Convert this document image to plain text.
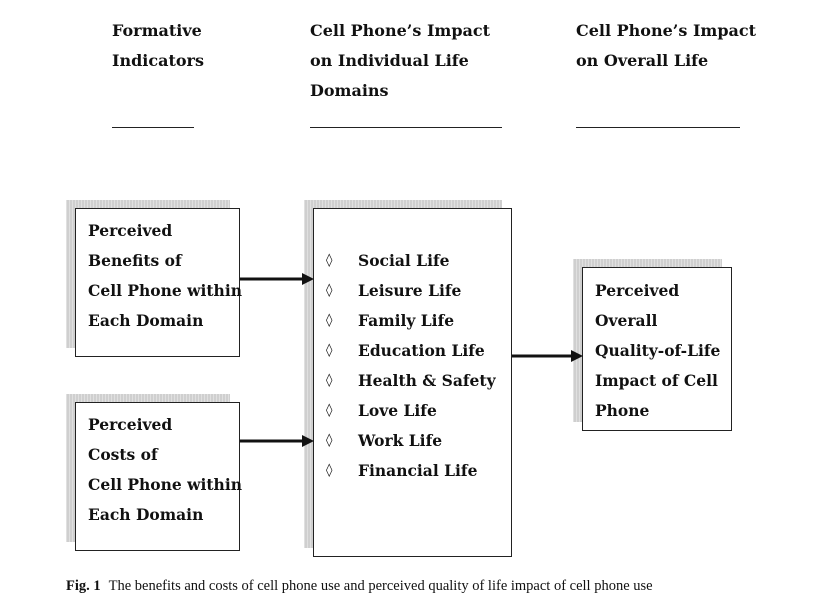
Formative
Indicators
Cell Phone’s Impact
on Individual Life
Domains
Cell Phone’s Impact
on Overall Life
Perceived
Benefits of
Cell Phone within
Each Domain
Perceived
Costs of
Cell Phone within
Each Domain
◊ Social Life
◊ Leisure Life
◊ Family Life
◊ Education Life
◊ Health & Safety
◊ Love Life
◊ Work Life
◊ Financial Life
Perceived
Overall
Quality-of-Life
Impact of Cell
Phone
Fig. 1 The benefits and costs of cell phone use and perceived quality of life impact of cell phone use
